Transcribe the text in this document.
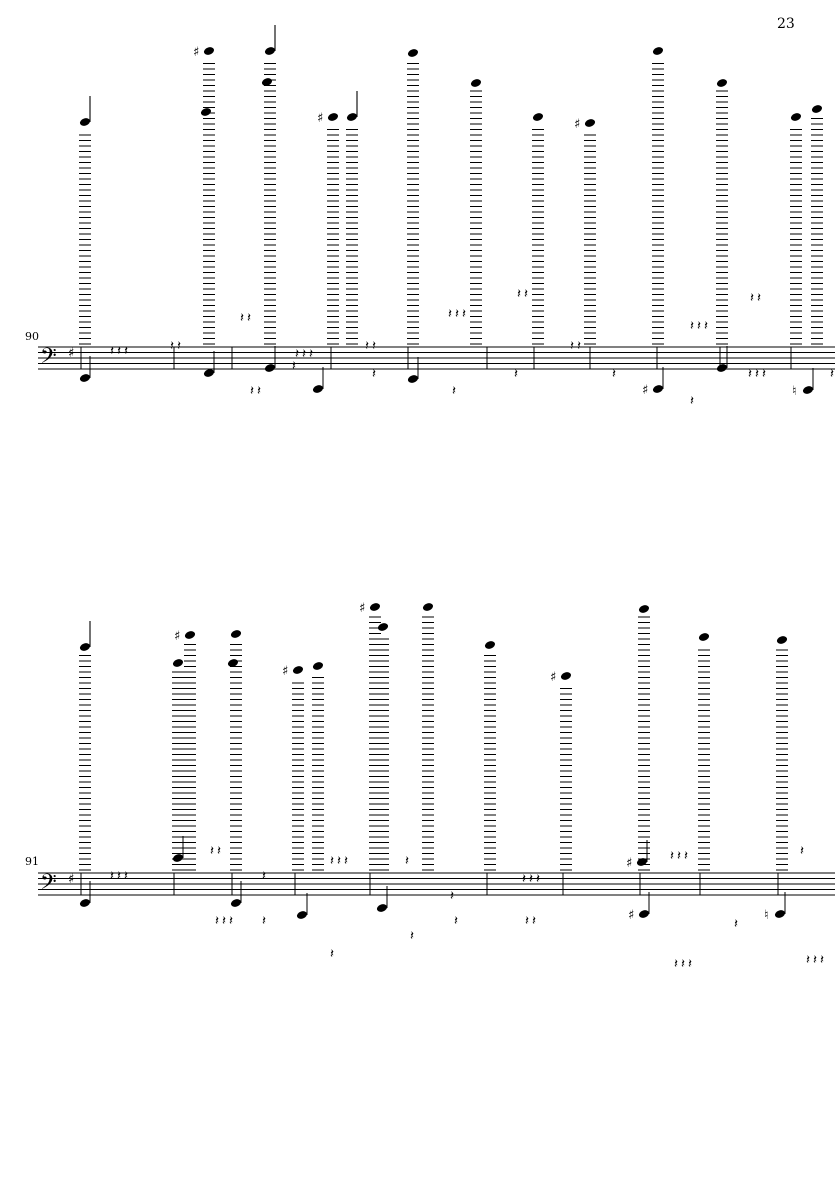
23
90
91
𝄢 ♯
♯
♯	♯
𝄽 𝄽 𝄽	𝄽 𝄽
𝄽 𝄽
𝄽 𝄽 𝄽
𝄽 𝄽
𝄽 𝄽 𝄽
𝄽 𝄽
𝄽 𝄽
𝄽 𝄽 𝄽
𝄽 𝄽
𝄽 𝄽
𝄽
𝄽
𝄽
𝄽	𝄽
𝄽
𝄽 𝄽 𝄽	𝄽
♯	♮
𝄢 ♯
♯
♯
♯
♯
𝄽 𝄽 𝄽
𝄽 𝄽
𝄽
𝄽 𝄽 𝄽	𝄽
𝄽
𝄽 𝄽 𝄽
𝄽 𝄽 𝄽	𝄽
𝄽 𝄽 𝄽 𝄽
𝄽
𝄽
𝄽	𝄽 𝄽
𝄽 𝄽 𝄽
𝄽
𝄽 𝄽 𝄽
♯	♮
♯
